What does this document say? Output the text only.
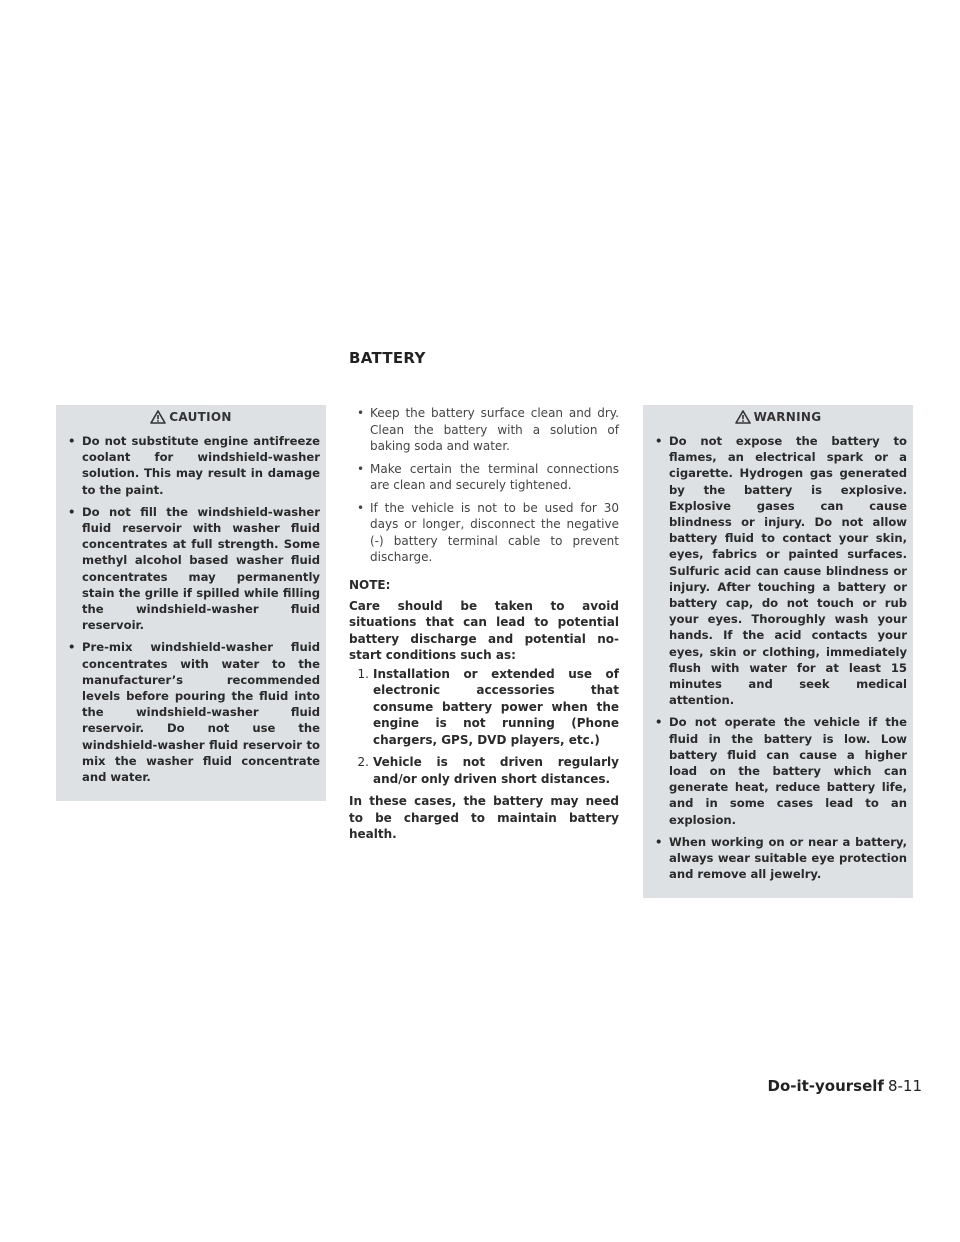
BATTERY
CAUTION
• Do not substitute engine antifreeze coolant for windshield-washer solution. This may result in damage to the paint.
• Do not fill the windshield-washer fluid reservoir with washer fluid concentrates at full strength. Some methyl alcohol based washer fluid concentrates may permanently stain the grille if spilled while filling the windshield-washer fluid reservoir.
• Pre-mix windshield-washer fluid concentrates with water to the manufacturer’s recommended levels before pouring the fluid into the windshield-washer fluid reservoir. Do not use the windshield-washer fluid reservoir to mix the washer fluid concentrate and water.
• Keep the battery surface clean and dry. Clean the battery with a solution of baking soda and water.
• Make certain the terminal connections are clean and securely tightened.
• If the vehicle is not to be used for 30 days or longer, disconnect the negative (-) battery terminal cable to prevent discharge.
NOTE:
Care should be taken to avoid situations that can lead to potential battery discharge and potential no-start conditions such as:
1. Installation or extended use of electronic accessories that consume battery power when the engine is not running (Phone chargers, GPS, DVD players, etc.)
2. Vehicle is not driven regularly and/or only driven short distances.
In these cases, the battery may need to be charged to maintain battery health.
WARNING
• Do not expose the battery to flames, an electrical spark or a cigarette. Hydrogen gas generated by the battery is explosive. Explosive gases can cause blindness or injury. Do not allow battery fluid to contact your skin, eyes, fabrics or painted surfaces. Sulfuric acid can cause blindness or injury. After touching a battery or battery cap, do not touch or rub your eyes. Thoroughly wash your hands. If the acid contacts your eyes, skin or clothing, immediately flush with water for at least 15 minutes and seek medical attention.
• Do not operate the vehicle if the fluid in the battery is low. Low battery fluid can cause a higher load on the battery which can generate heat, reduce battery life, and in some cases lead to an explosion.
• When working on or near a battery, always wear suitable eye protection and remove all jewelry.
Do-it-yourself 8-11
